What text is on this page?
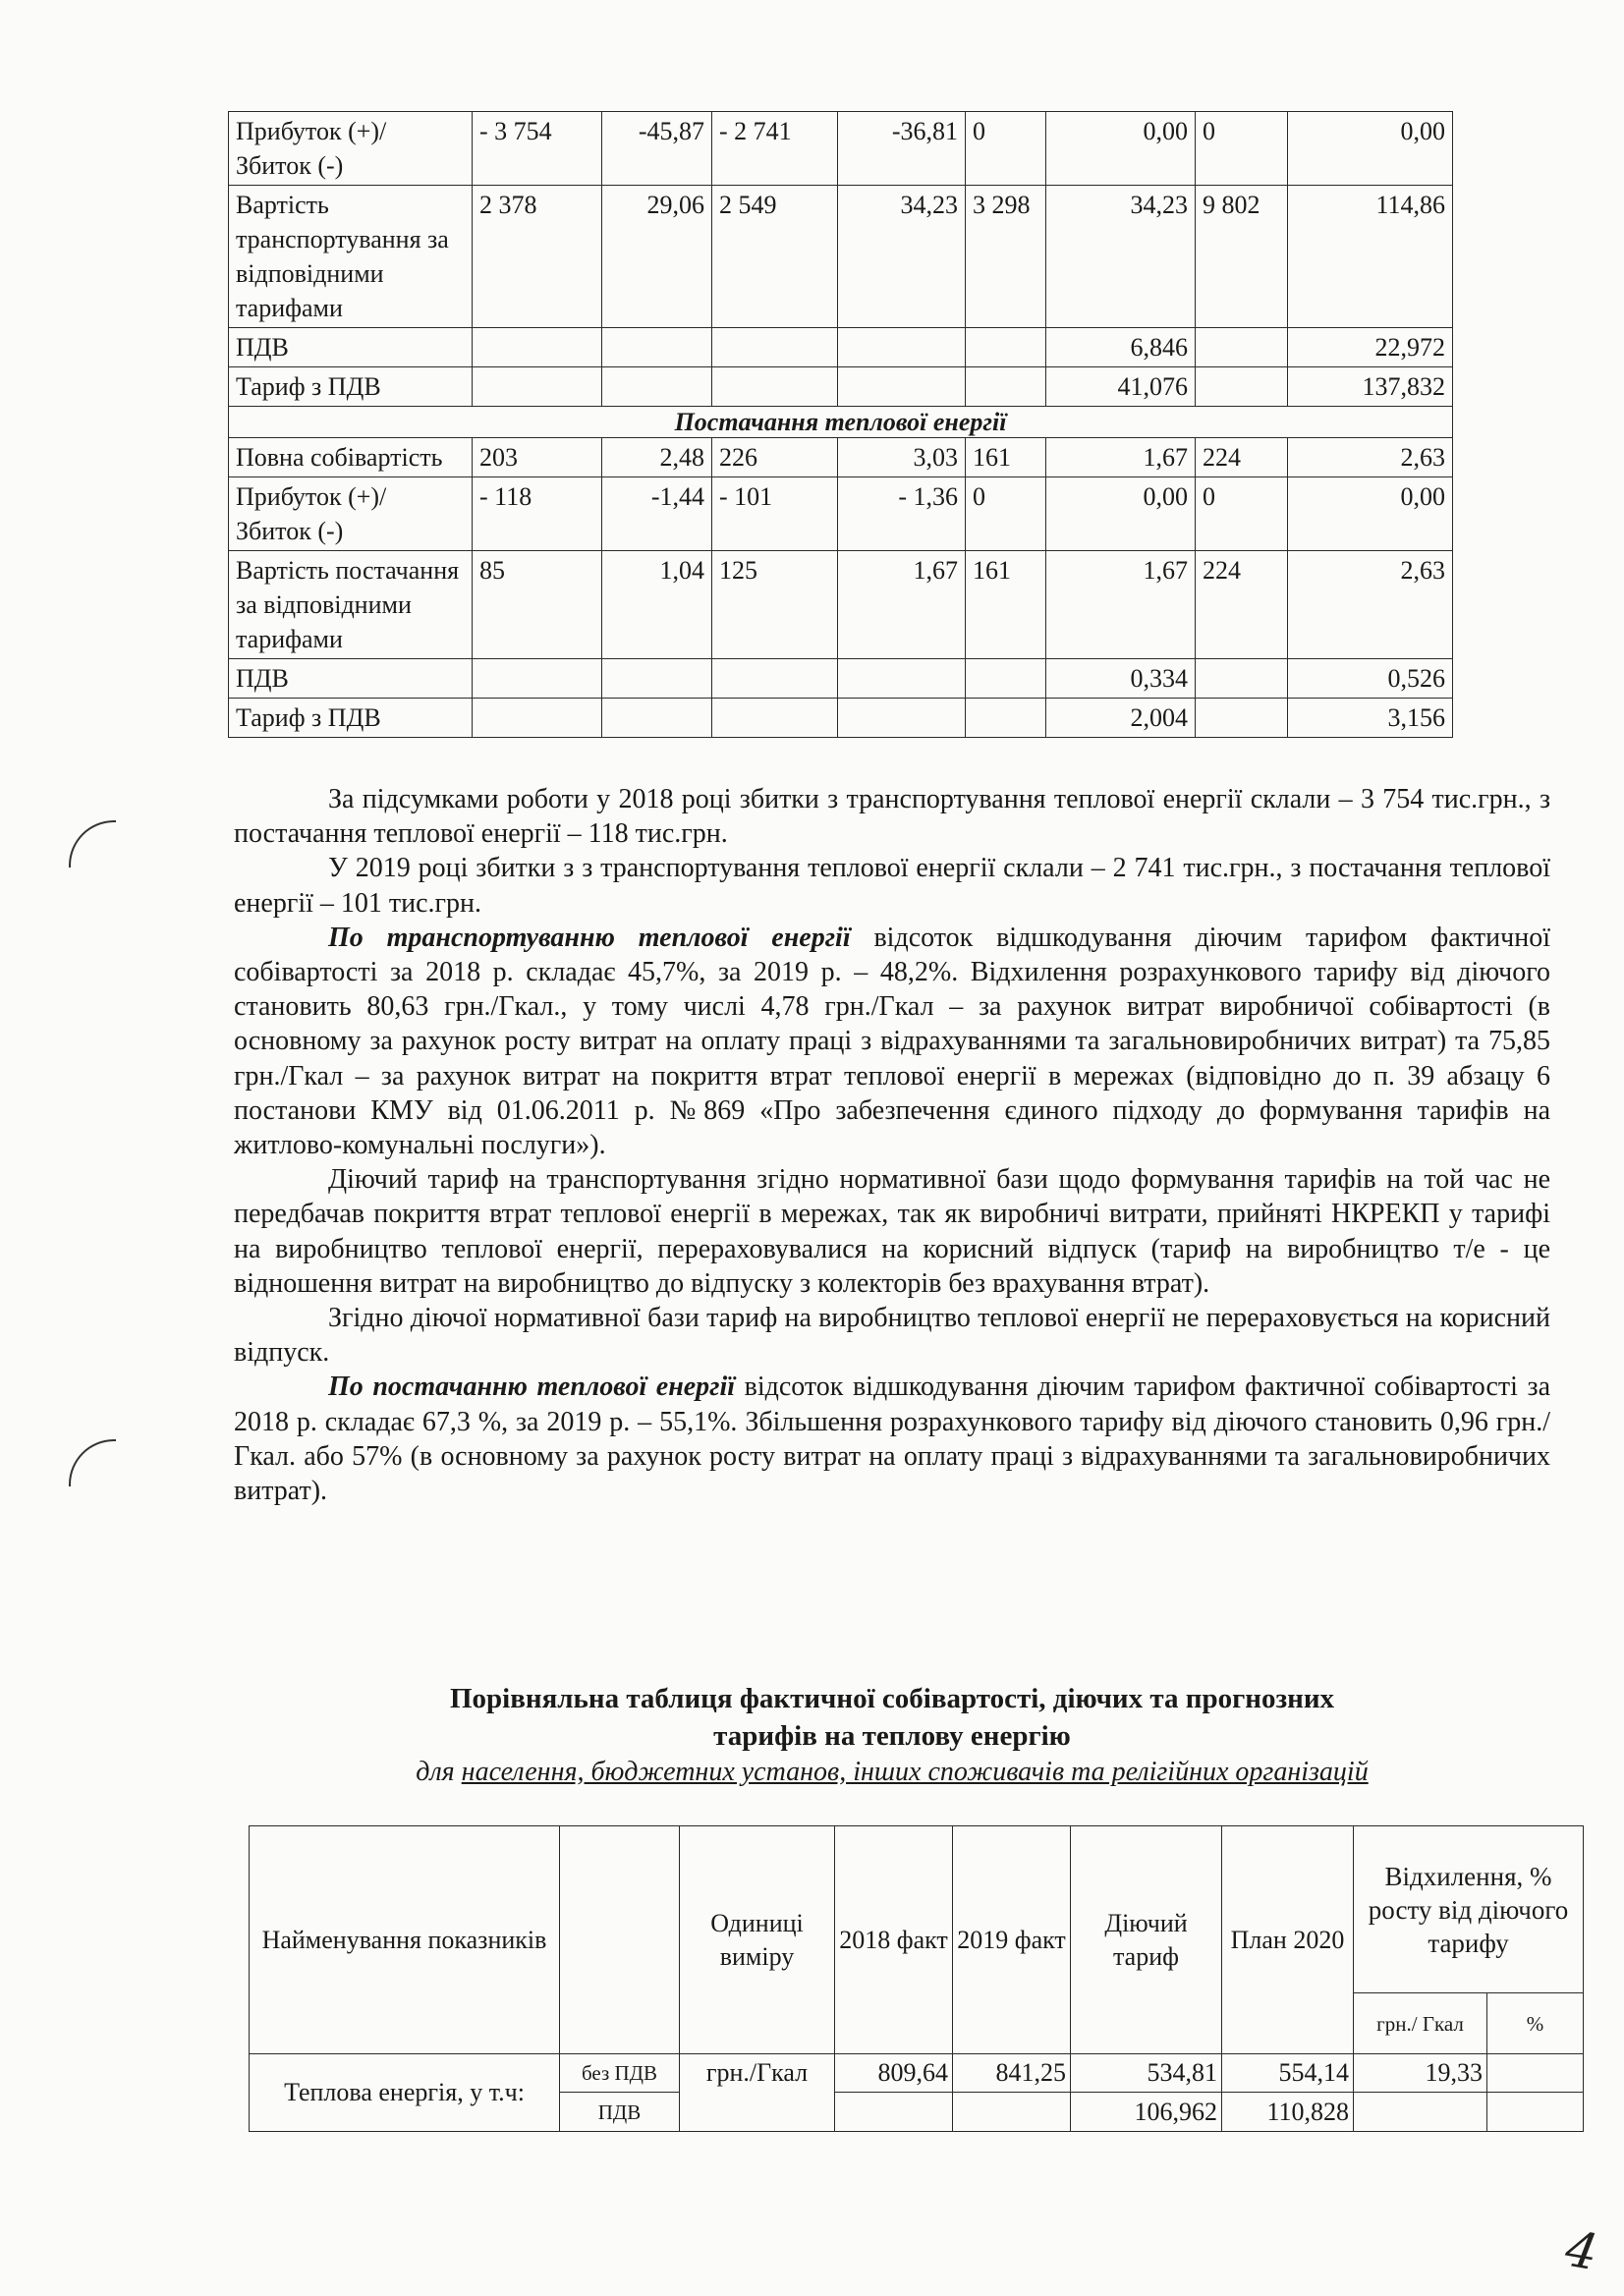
Прибуток (+)/ Збиток (-)	- 3 754	-45,87	- 2 741	-36,81	0	0,00	0	0,00
Вартість транспортування за відповідними тарифами	2 378	29,06	2 549	34,23	3 298	34,23	9 802	114,86
ПДВ						6,846		22,972
Тариф з ПДВ						41,076		137,832
Постачання теплової енергії								
Повна собівартість	203	2,48	226	3,03	161	1,67	224	2,63
Прибуток (+)/ Збиток (-)	- 118	-1,44	- 101	- 1,36	0	0,00	0	0,00
Вартість постачання за відповідними тарифами	85	1,04	125	1,67	161	1,67	224	2,63
ПДВ						0,334		0,526
Тариф з ПДВ						2,004		3,156

За підсумками роботи у 2018 році збитки з транспортування теплової енергії склали – 3 754 тис.грн., з постачання теплової енергії – 118 тис.грн.

У 2019 році збитки з з транспортування теплової енергії склали – 2 741 тис.грн., з постачання теплової енергії – 101 тис.грн.

По транспортуванню теплової енергії відсоток відшкодування діючим тарифом фактичної собівартості за 2018 р. складає 45,7%, за 2019 р. – 48,2%. Відхилення розрахункового тарифу від діючого становить 80,63 грн./Гкал., у тому числі 4,78 грн./Гкал – за рахунок витрат виробничої собівартості (в основному за рахунок росту витрат на оплату праці з відрахуваннями та загальновиробничих витрат) та 75,85 грн./Гкал – за рахунок витрат на покриття втрат теплової енергії в мережах (відповідно до п. 39 абзацу 6 постанови КМУ від 01.06.2011 р. №869 «Про забезпечення єдиного підходу до формування тарифів на житлово-комунальні послуги»).

Діючий тариф на транспортування згідно нормативної бази щодо формування тарифів на той час не передбачав покриття втрат теплової енергії в мережах, так як виробничі витрати, прийняті НКРЕКП у тарифі на виробництво теплової енергії, перераховувалися на корисний відпуск (тариф на виробництво т/е - це відношення витрат на виробництво до відпуску з колекторів без врахування втрат).

Згідно діючої нормативної бази тариф на виробництво теплової енергії не перераховується на корисний відпуск.

По постачанню теплової енергії відсоток відшкодування діючим тарифом фактичної собівартості за 2018 р. складає 67,3 %, за 2019 р. – 55,1%. Збільшення розрахункового тарифу від діючого становить 0,96 грн./Гкал. або 57% (в основному за рахунок росту витрат на оплату праці з відрахуваннями та загальновиробничих витрат).

Порівняльна таблиця фактичної собівартості, діючих та прогнозних
тарифів на теплову енергію
для населення, бюджетних установ, інших споживачів та релігійних організацій
Найменування показників		Одиниці виміру	2018 факт	2019 факт	Діючий тариф	План 2020	Відхилення, % росту від діючого тарифу	
							грн./ Гкал	%
Теплова енергія, у т.ч:	без ПДВ	грн./Гкал	809,64	841,25	534,81	554,14	19,33	
	ПДВ				106,962	110,828		
4
